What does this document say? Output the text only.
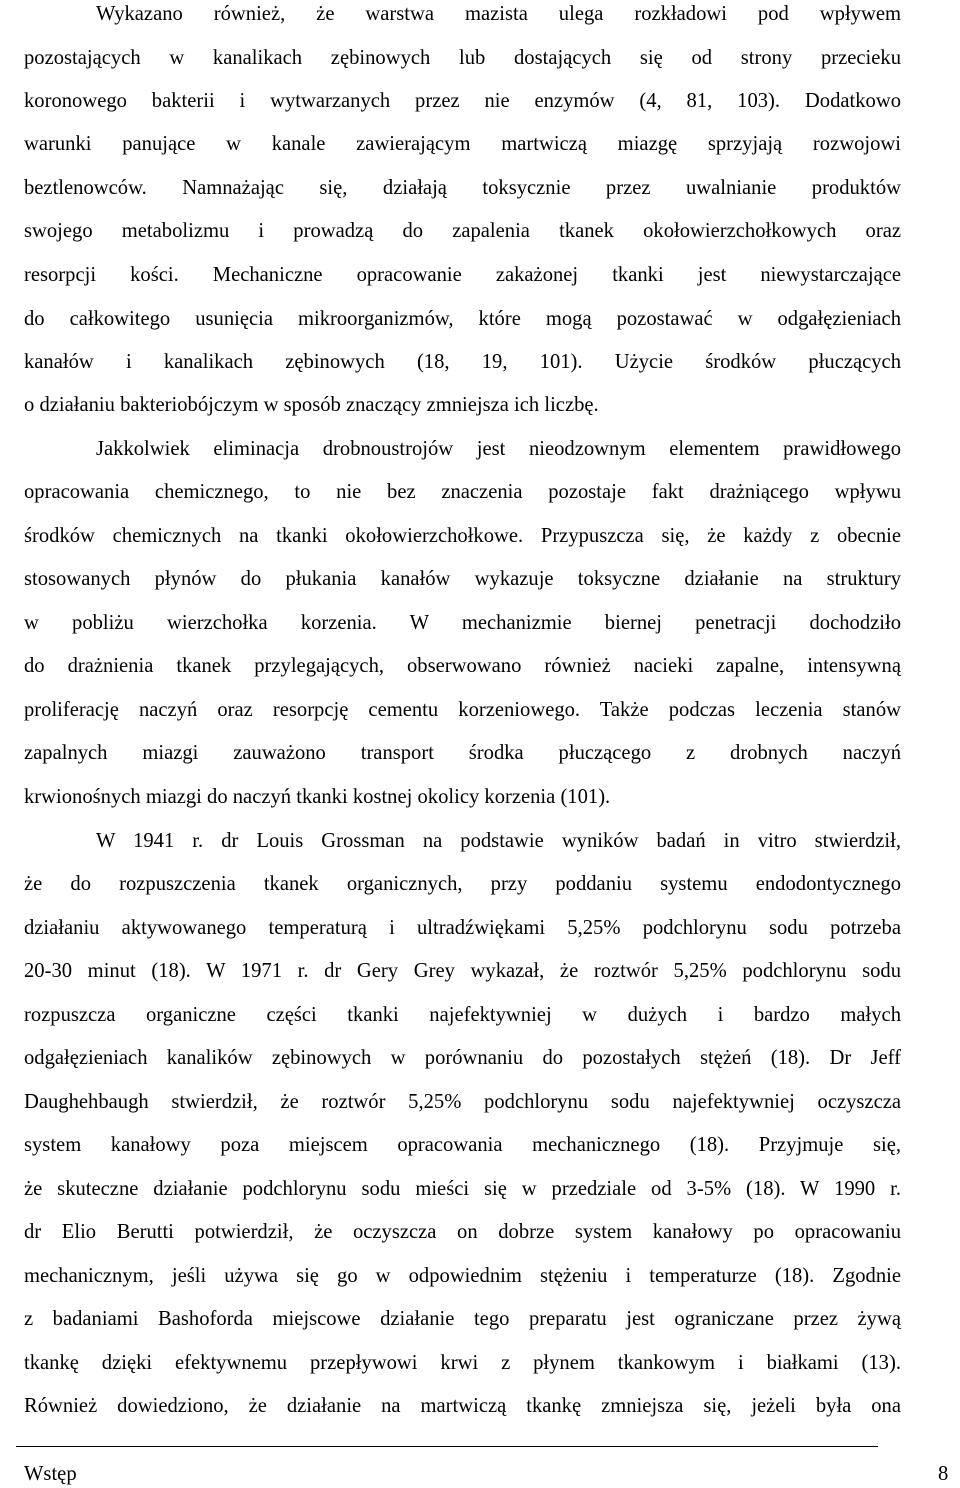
Wykazano również, że warstwa mazista ulega rozkładowi pod wpływem
pozostających w kanalikach zębinowych lub dostających się od strony przecieku
koronowego bakterii i wytwarzanych przez nie enzymów (4, 81, 103). Dodatkowo
warunki panujące w kanale zawierającym martwiczą miazgę sprzyjają rozwojowi
beztlenowców. Namnażając się, działają toksycznie przez uwalnianie produktów
swojego metabolizmu i prowadzą do zapalenia tkanek okołowierzchołkowych oraz
resorpcji kości. Mechaniczne opracowanie zakażonej tkanki jest niewystarczające
do całkowitego usunięcia mikroorganizmów, które mogą pozostawać w odgałęzieniach
kanałów i kanalikach zębinowych (18, 19, 101). Użycie środków płuczących
o działaniu bakteriobójczym w sposób znaczący zmniejsza ich liczbę.
Jakkolwiek eliminacja drobnoustrojów jest nieodzownym elementem prawidłowego
opracowania chemicznego, to nie bez znaczenia pozostaje fakt drażniącego wpływu
środków chemicznych na tkanki okołowierzchołkowe. Przypuszcza się, że każdy z obecnie
stosowanych płynów do płukania kanałów wykazuje toksyczne działanie na struktury
w pobliżu wierzchołka korzenia. W mechanizmie biernej penetracji dochodziło
do drażnienia tkanek przylegających, obserwowano również nacieki zapalne, intensywną
proliferację naczyń oraz resorpcję cementu korzeniowego. Także podczas leczenia stanów
zapalnych miazgi zauważono transport środka płuczącego z drobnych naczyń
krwionośnych miazgi do naczyń tkanki kostnej okolicy korzenia (101).
W 1941 r. dr Louis Grossman na podstawie wyników badań in vitro stwierdził,
że do rozpuszczenia tkanek organicznych, przy poddaniu systemu endodontycznego
działaniu aktywowanego temperaturą i ultradźwiękami 5,25% podchlorynu sodu potrzeba
20-30 minut (18). W 1971 r. dr Gery Grey wykazał, że roztwór 5,25% podchlorynu sodu
rozpuszcza organiczne części tkanki najefektywniej w dużych i bardzo małych
odgałęzieniach kanalików zębinowych w porównaniu do pozostałych stężeń (18). Dr Jeff
Daughehbaugh stwierdził, że roztwór 5,25% podchlorynu sodu najefektywniej oczyszcza
system kanałowy poza miejscem opracowania mechanicznego (18). Przyjmuje się,
że skuteczne działanie podchlorynu sodu mieści się w przedziale od 3-5% (18). W 1990 r.
dr Elio Berutti potwierdził, że oczyszcza on dobrze system kanałowy po opracowaniu
mechanicznym, jeśli używa się go w odpowiednim stężeniu i temperaturze (18). Zgodnie
z badaniami Bashoforda miejscowe działanie tego preparatu jest ograniczane przez żywą
tkankę dzięki efektywnemu przepływowi krwi z płynem tkankowym i białkami (13).
Również dowiedziono, że działanie na martwiczą tkankę zmniejsza się, jeżeli była ona
Wstęp	8
